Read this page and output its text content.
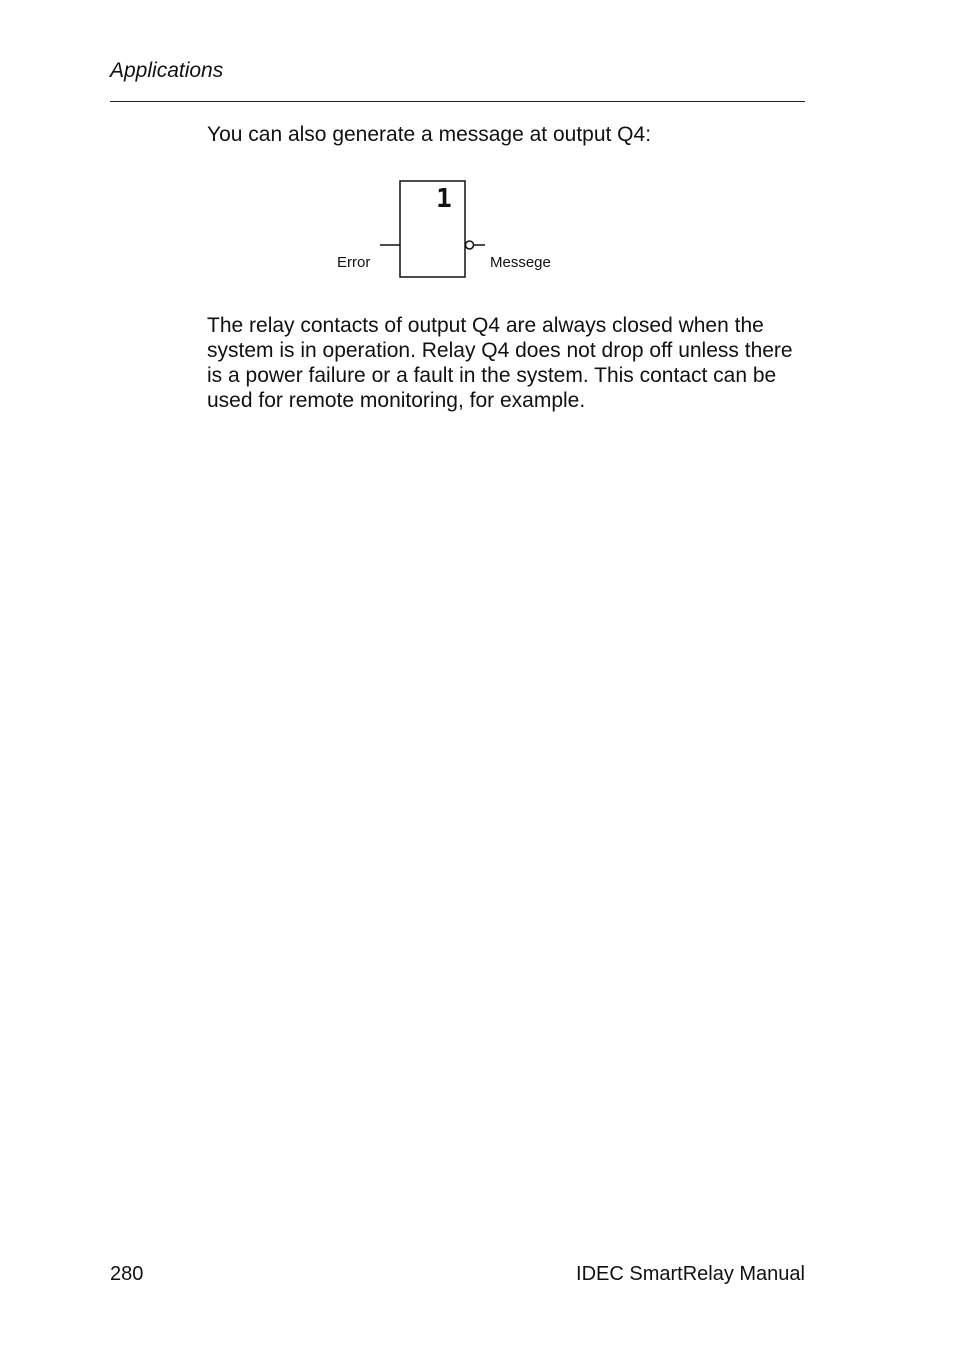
Applications
You can also generate a message at output Q4:
1
Error	Messege

The relay contacts of output Q4 are always closed when the system is in operation. Relay Q4 does not drop off unless there is a power failure or a fault in the system. This contact can be used for remote monitoring, for example.

280	IDEC SmartRelay Manual
